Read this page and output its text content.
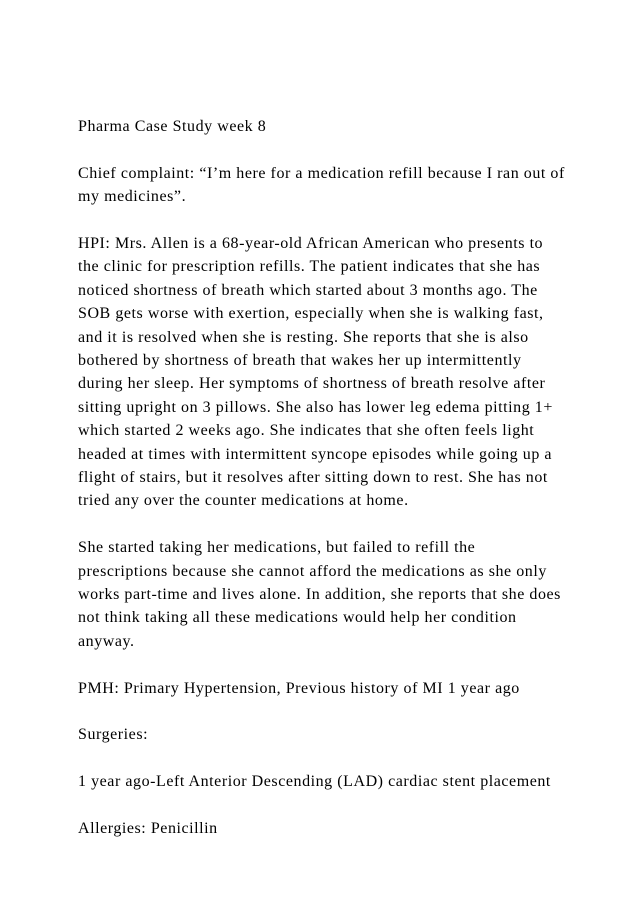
Pharma Case Study week 8

Chief complaint: “I’m here for a medication refill because I ran out of my medicines”.

HPI: Mrs. Allen is a 68-year-old African American who presents to the clinic for prescription refills. The patient indicates that she has noticed shortness of breath which started about 3 months ago. The SOB gets worse with exertion, especially when she is walking fast, and it is resolved when she is resting. She reports that she is also bothered by shortness of breath that wakes her up intermittently during her sleep. Her symptoms of shortness of breath resolve after sitting upright on 3 pillows. She also has lower leg edema pitting 1+ which started 2 weeks ago. She indicates that she often feels light headed at times with intermittent syncope episodes while going up a flight of stairs, but it resolves after sitting down to rest. She has not tried any over the counter medications at home.

She started taking her medications, but failed to refill the prescriptions because she cannot afford the medications as she only works part-time and lives alone. In addition, she reports that she does not think taking all these medications would help her condition anyway.

PMH: Primary Hypertension, Previous history of MI 1 year ago

Surgeries:

1 year ago-Left Anterior Descending (LAD) cardiac stent placement

Allergies: Penicillin
